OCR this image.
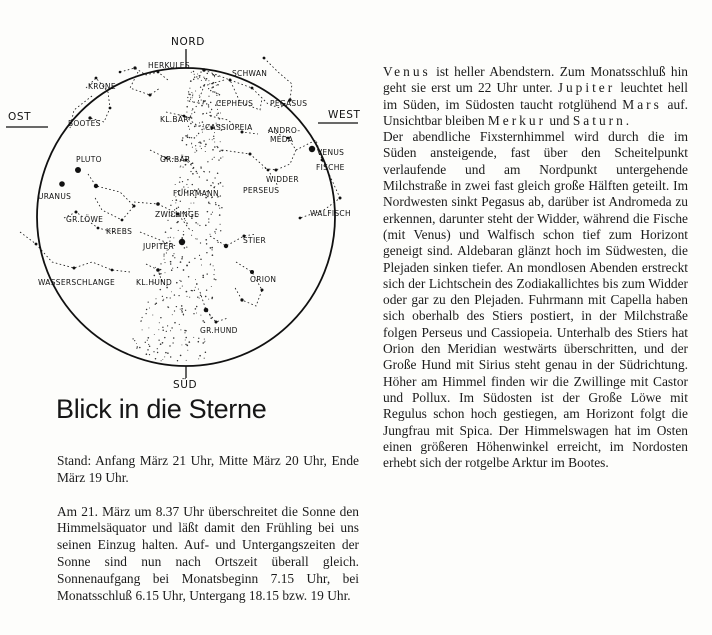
NORD
SÜD
OST	WEST
HERKULES
SCHWAN
KRONE
CEPHEUS PEGASUS
BOOTES	KL.BÄR
ANDRO-
MEDA
CASSIOPEIA
GR.BÄR
VENUS
FISCHE
WIDDER
PLUTO
URANUS	FUHRMANN	PERSEUS
GR.LÖWE
ZWILLINGE	WALFISCH
KREBS
JUPITER
STIER
ORION
WASSERSCHLANGE	KL.HUND
GR.HUND
Blick in die Sterne

Stand: Anfang März 21 Uhr, Mitte März 20 Uhr, Ende März 19 Uhr.

Am 21. März um 8.37 Uhr überschreitet die Sonne den Himmelsäquator und läßt damit den Frühling bei uns seinen Einzug halten. Auf- und Untergangszeiten der Sonne sind nun nach Ortszeit überall gleich. Sonnenaufgang bei Monatsbeginn 7.15 Uhr, bei Monatsschluß 6.15 Uhr, Untergang 18.15 bzw. 19 Uhr.

Venus ist heller Abendstern. Zum Monatsschluß hin geht sie erst um 22 Uhr unter. Jupiter leuchtet hell im Süden, im Südosten taucht rotglühend Mars auf. Unsichtbar bleiben Merkur und Saturn.

Der abendliche Fixsternhimmel wird durch die im Süden ansteigende, fast über den Scheitelpunkt verlaufende und am Nordpunkt untergehende Milchstraße in zwei fast gleich große Hälften geteilt. Im Nordwesten sinkt Pegasus ab, darüber ist Andromeda zu erkennen, darunter steht der Widder, während die Fische (mit Venus) und Walfisch schon tief zum Horizont geneigt sind. Aldebaran glänzt hoch im Südwesten, die Plejaden sinken tiefer. An mondlosen Abenden erstreckt sich der Lichtschein des Zodiakallichtes bis zum Widder oder gar zu den Plejaden. Fuhrmann mit Capella haben sich oberhalb des Stiers postiert, in der Milchstraße folgen Perseus und Cassiopeia. Unterhalb des Stiers hat Orion den Meridian westwärts überschritten, und der Große Hund mit Sirius steht genau in der Südrichtung. Höher am Himmel finden wir die Zwillinge mit Castor und Pollux. Im Südosten ist der Große Löwe mit Regulus schon hoch gestiegen, am Horizont folgt die Jungfrau mit Spica. Der Himmelswagen hat im Osten einen größeren Höhenwinkel erreicht, im Nordosten erhebt sich der rotgelbe Arktur im Bootes.
